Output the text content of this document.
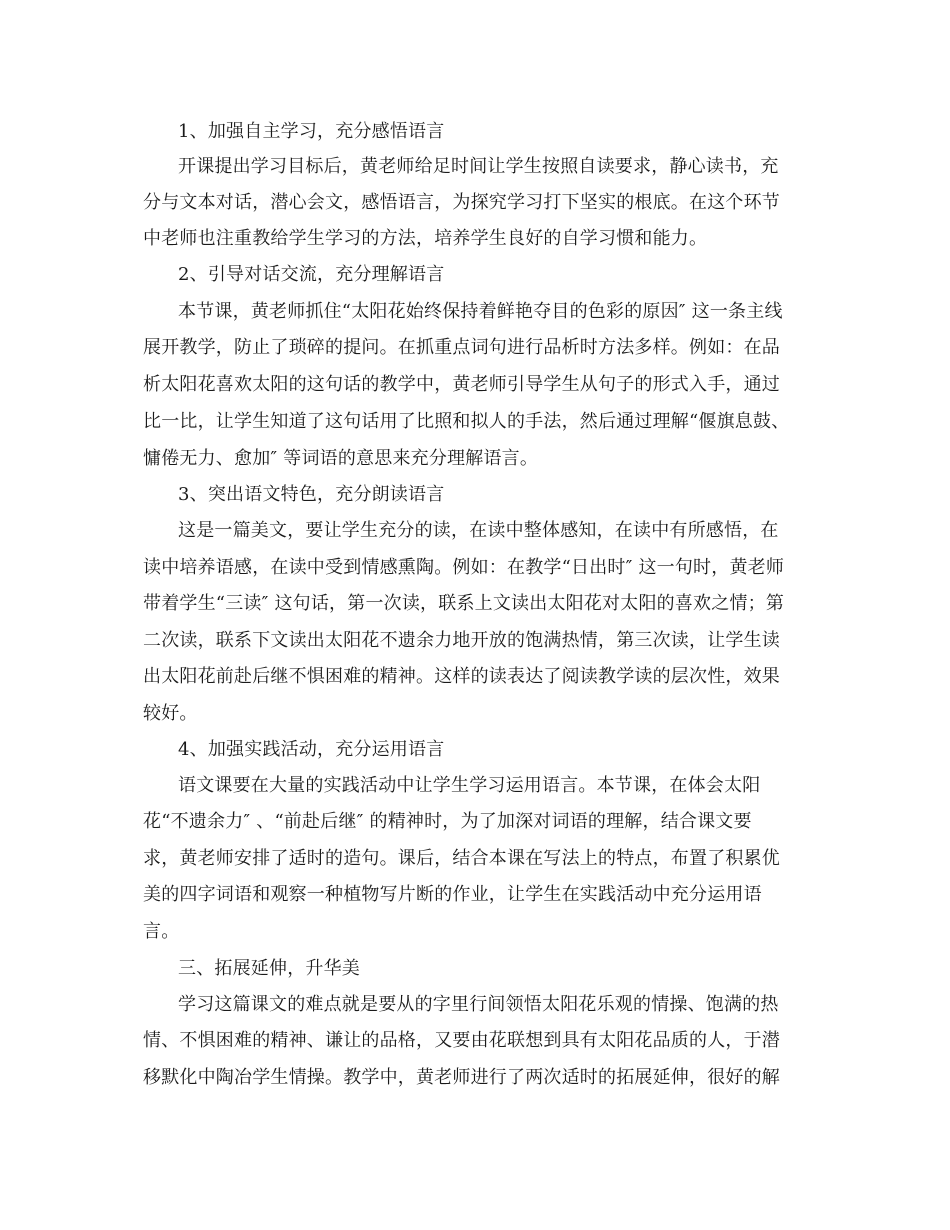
1、加强自主学习，充分感悟语言
开课提出学习目标后，黄老师给足时间让学生按照自读要求，静心读书，充
分与文本对话，潜心会文，感悟语言，为探究学习打下坚实的根底。在这个环节
中老师也注重教给学生学习的方法，培养学生良好的自学习惯和能力。
2、引导对话交流，充分理解语言
本节课，黄老师抓住“太阳花始终保持着鲜艳夺目的色彩的原因″ 这一条主线
展开教学，防止了琐碎的提问。在抓重点词句进行品析时方法多样。例如：在品
析太阳花喜欢太阳的这句话的教学中，黄老师引导学生从句子的形式入手，通过
比一比，让学生知道了这句话用了比照和拟人的手法，然后通过理解“偃旗息鼓、
慵倦无力、愈加″ 等词语的意思来充分理解语言。
3、突出语文特色，充分朗读语言
这是一篇美文，要让学生充分的读，在读中整体感知，在读中有所感悟，在
读中培养语感，在读中受到情感熏陶。例如：在教学“日出时″ 这一句时，黄老师
带着学生“三读″ 这句话，第一次读，联系上文读出太阳花对太阳的喜欢之情；第
二次读，联系下文读出太阳花不遗余力地开放的饱满热情，第三次读，让学生读
出太阳花前赴后继不惧困难的精神。这样的读表达了阅读教学读的层次性，效果
较好。
4、加强实践活动，充分运用语言
语文课要在大量的实践活动中让学生学习运用语言。本节课，在体会太阳
花“不遗余力″ 、“前赴后继″ 的精神时，为了加深对词语的理解，结合课文要
求，黄老师安排了适时的造句。课后，结合本课在写法上的特点，布置了积累优
美的四字词语和观察一种植物写片断的作业，让学生在实践活动中充分运用语
言。
三、拓展延伸，升华美
学习这篇课文的难点就是要从的字里行间领悟太阳花乐观的情操、饱满的热
情、不惧困难的精神、谦让的品格，又要由花联想到具有太阳花品质的人，于潜
移默化中陶冶学生情操。教学中，黄老师进行了两次适时的拓展延伸，很好的解
